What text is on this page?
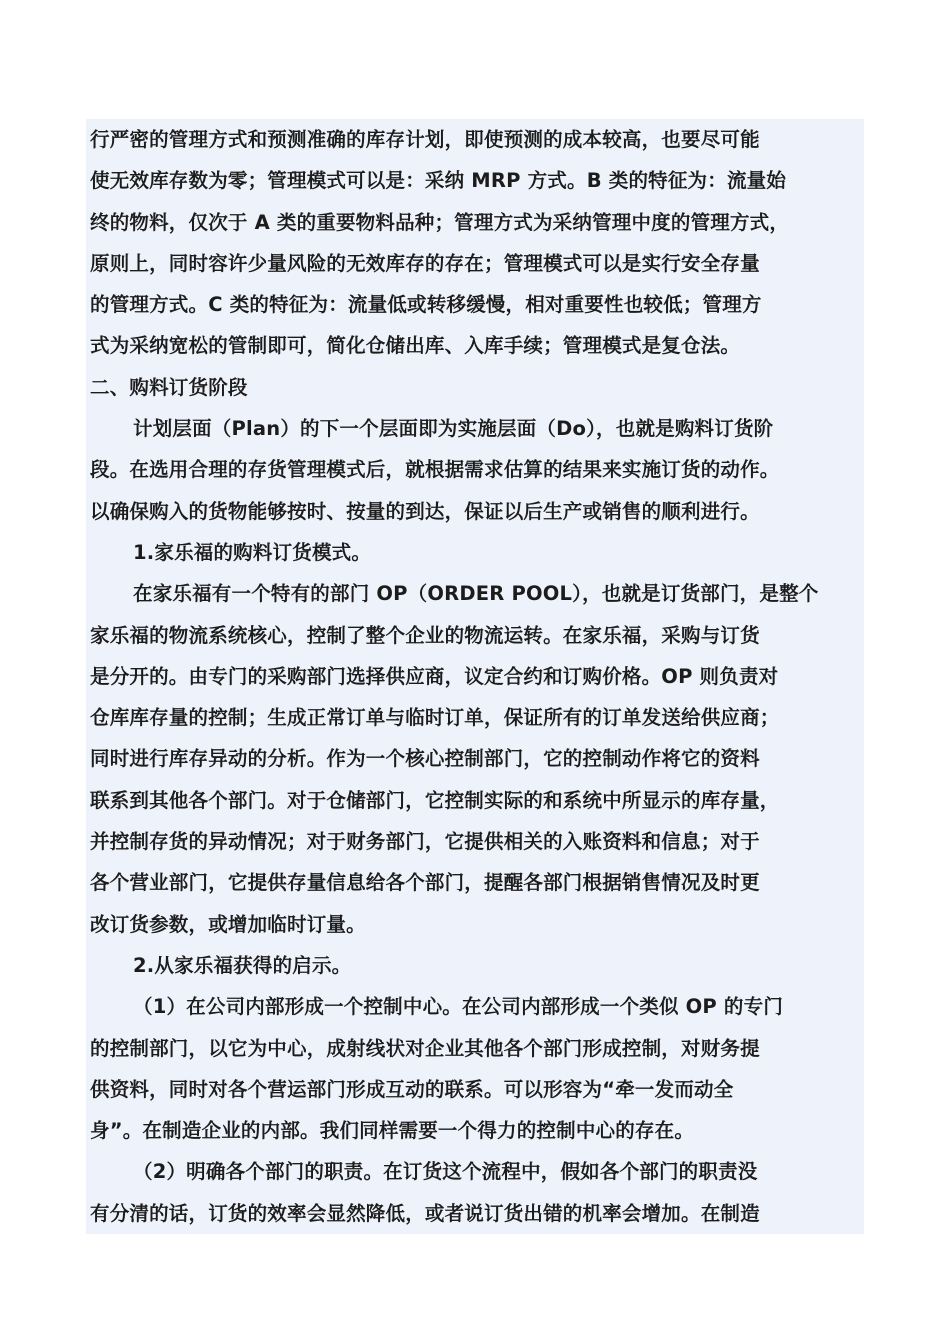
行严密的管理方式和预测准确的库存计划，即使预测的成本较高，也要尽可能
使无效库存数为零；管理模式可以是：采纳 MRP 方式。B 类的特征为：流量始
终的物料，仅次于 A 类的重要物料品种；管理方式为采纳管理中度的管理方式，
原则上，同时容许少量风险的无效库存的存在；管理模式可以是实行安全存量
的管理方式。C 类的特征为：流量低或转移缓慢，相对重要性也较低；管理方
式为采纳宽松的管制即可，简化仓储出库、入库手续；管理模式是复仓法。
二、购料订货阶段
计划层面（Plan）的下一个层面即为实施层面（Do），也就是购料订货阶
段。在选用合理的存货管理模式后，就根据需求估算的结果来实施订货的动作。
以确保购入的货物能够按时、按量的到达，保证以后生产或销售的顺利进行。
1.家乐福的购料订货模式。
在家乐福有一个特有的部门 OP（ORDER POOL），也就是订货部门，是整个
家乐福的物流系统核心，控制了整个企业的物流运转。在家乐福，采购与订货
是分开的。由专门的采购部门选择供应商，议定合约和订购价格。OP 则负责对
仓库库存量的控制；生成正常订单与临时订单，保证所有的订单发送给供应商；
同时进行库存异动的分析。作为一个核心控制部门，它的控制动作将它的资料
联系到其他各个部门。对于仓储部门，它控制实际的和系统中所显示的库存量，
并控制存货的异动情况；对于财务部门，它提供相关的入账资料和信息；对于
各个营业部门，它提供存量信息给各个部门，提醒各部门根据销售情况及时更
改订货参数，或增加临时订量。
2.从家乐福获得的启示。
（1）在公司内部形成一个控制中心。在公司内部形成一个类似 OP 的专门
的控制部门，以它为中心，成射线状对企业其他各个部门形成控制，对财务提
供资料，同时对各个营运部门形成互动的联系。可以形容为“牵一发而动全
身”。在制造企业的内部。我们同样需要一个得力的控制中心的存在。
（2）明确各个部门的职责。在订货这个流程中，假如各个部门的职责没
有分清的话，订货的效率会显然降低，或者说订货出错的机率会增加。在制造
